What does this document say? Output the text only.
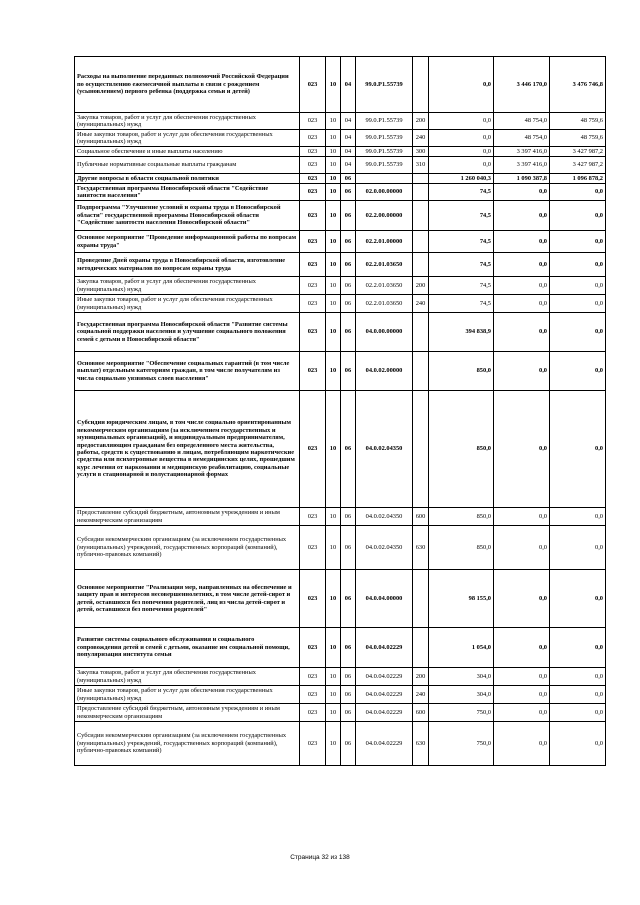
Расходы на выполнение переданных полномочий Российской Федерации по осуществлению ежемесячной выплаты в связи с рождением (усыновлением) первого ребенка (поддержка семьи и детей)	023	10	04	99.0.P1.55739		0,0	3 446 170,0	3 476 746,8
Закупка товаров, работ и услуг для обеспечения государственных (муниципальных) нужд	023	10	04	99.0.P1.55739	200	0,0	48 754,0	48 759,6
Иные закупки товаров, работ и услуг для обеспечения государственных (муниципальных) нужд	023	10	04	99.0.P1.55739	240	0,0	48 754,0	48 759,6
Социальное обеспечение и иные выплаты населению	023	10	04	99.0.P1.55739	300	0,0	3 397 416,0	3 427 987,2
Публичные нормативные социальные выплаты гражданам	023	10	04	99.0.P1.55739	310	0,0	3 397 416,0	3 427 987,2
Другие вопросы в области социальной политики	023	10	06			1 260 040,3	1 090 387,8	1 096 878,2
Государственная программа Новосибирской области "Содействие занятости населения"	023	10	06	02.0.00.00000		74,5	0,0	0,0
Подпрограмма "Улучшение условий и охраны труда в Новосибирской области" государственной программы Новосибирской области "Содействие занятости населения Новосибирской области"	023	10	06	02.2.00.00000		74,5	0,0	0,0
Основное мероприятие "Проведение информационной работы по вопросам охраны труда"	023	10	06	02.2.01.00000		74,5	0,0	0,0
Проведение Дней охраны труда в Новосибирской области, изготовление методических материалов по вопросам охраны труда	023	10	06	02.2.01.03650		74,5	0,0	0,0
Закупка товаров, работ и услуг для обеспечения государственных (муниципальных) нужд	023	10	06	02.2.01.03650	200	74,5	0,0	0,0
Иные закупки товаров, работ и услуг для обеспечения государственных (муниципальных) нужд	023	10	06	02.2.01.03650	240	74,5	0,0	0,0
Государственная программа Новосибирской области "Развитие системы социальной поддержки населения и улучшение социального положения семей с детьми в Новосибирской области"	023	10	06	04.0.00.00000		394 838,9	0,0	0,0
Основное мероприятие "Обеспечение социальных гарантий (в том числе выплат) отдельным категориям граждан, в том числе получателям из числа социально уязвимых слоев населения"	023	10	06	04.0.02.00000		850,0	0,0	0,0
Субсидии юридическим лицам, в том числе социально ориентированным некоммерческим организациям (за исключением государственных и муниципальных организаций), и индивидуальным предпринимателям, предоставляющим гражданам без определенного места жительства, работы, средств к существованию и лицам, потребляющим наркотические средства или психотропные вещества в немедицинских целях, прошедшим курс лечения от наркомании и медицинскую реабилитацию, социальные услуги в стационарной и полустационарной формах	023	10	06	04.0.02.04350		850,0	0,0	0,0
Предоставление субсидий бюджетным, автономным учреждениям и иным некоммерческим организациям	023	10	06	04.0.02.04350	600	850,0	0,0	0,0
Субсидии некоммерческим организациям (за исключением государственных (муниципальных) учреждений, государственных корпораций (компаний), публично-правовых компаний)	023	10	06	04.0.02.04350	630	850,0	0,0	0,0
Основное мероприятие "Реализация мер, направленных на обеспечение и защиту прав и интересов несовершеннолетних, в том числе детей-сирот и детей, оставшихся без попечения родителей, лиц из числа детей-сирот и детей, оставшихся без попечения родителей"	023	10	06	04.0.04.00000		98 155,0	0,0	0,0
Развитие системы социального обслуживания и социального сопровождения детей и семей с детьми, оказание им социальной помощи, популяризация института семьи	023	10	06	04.0.04.02229		1 054,0	0,0	0,0
Закупка товаров, работ и услуг для обеспечения государственных (муниципальных) нужд	023	10	06	04.0.04.02229	200	304,0	0,0	0,0
Иные закупки товаров, работ и услуг для обеспечения государственных (муниципальных) нужд	023	10	06	04.0.04.02229	240	304,0	0,0	0,0
Предоставление субсидий бюджетным, автономным учреждениям и иным некоммерческим организациям	023	10	06	04.0.04.02229	600	750,0	0,0	0,0
Субсидии некоммерческим организациям (за исключением государственных (муниципальных) учреждений, государственных корпораций (компаний), публично-правовых компаний)	023	10	06	04.0.04.02229	630	750,0	0,0	0,0
Страница 32 из 138
